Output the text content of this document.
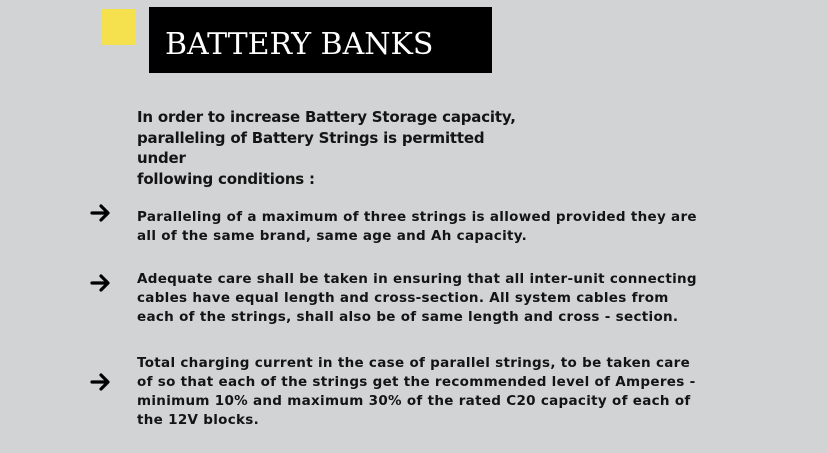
BATTERY BANKS
In order to increase Battery Storage capacity,
paralleling of Battery Strings is permitted under
following conditions :
Paralleling of a maximum of three strings is allowed provided they are
all of the same brand, same age and Ah capacity.
Adequate care shall be taken in ensuring that all inter-unit connecting
cables have equal length and cross-section. All system cables from
each of the strings, shall also be of same length and cross - section.
Total charging current in the case of parallel strings, to be taken care
of so that each of the strings get the recommended level of Amperes -
minimum 10% and maximum 30% of the rated C20 capacity of each of
the 12V blocks.
